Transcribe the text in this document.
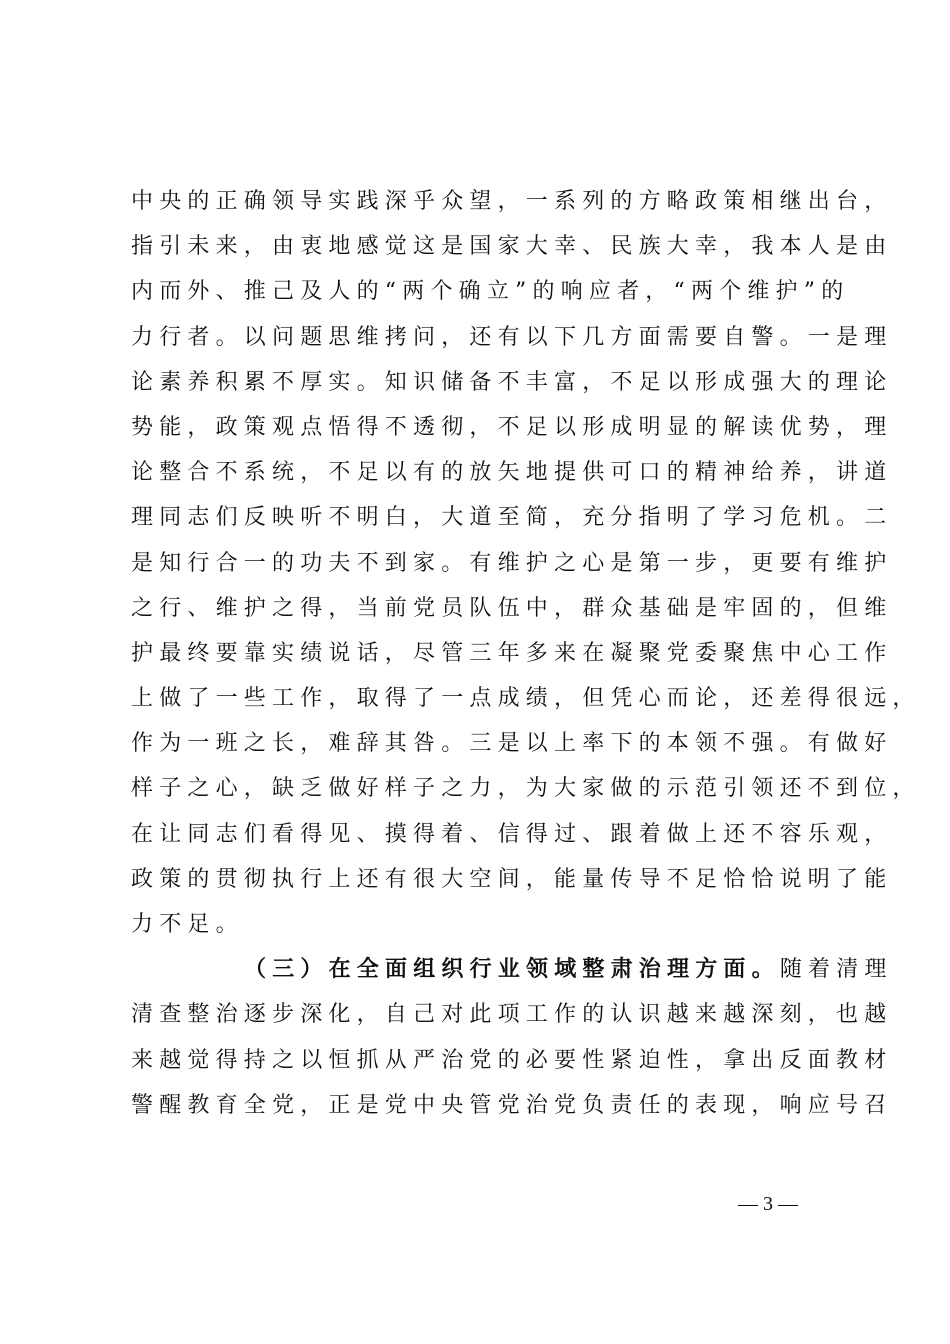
中央的正确领导实践深乎众望，一系列的方略政策相继出台，
指引未来，由衷地感觉这是国家大幸、民族大幸，我本人是由
内而外、推己及人的“两个确立”的响应者，“两个维护”的
力行者。以问题思维拷问，还有以下几方面需要自警。一是理
论素养积累不厚实。知识储备不丰富，不足以形成强大的理论
势能，政策观点悟得不透彻，不足以形成明显的解读优势，理
论整合不系统，不足以有的放矢地提供可口的精神给养，讲道
理同志们反映听不明白，大道至简，充分指明了学习危机。二
是知行合一的功夫不到家。有维护之心是第一步，更要有维护
之行、维护之得，当前党员队伍中，群众基础是牢固的，但维
护最终要靠实绩说话，尽管三年多来在凝聚党委聚焦中心工作
上做了一些工作，取得了一点成绩，但凭心而论，还差得很远，
作为一班之长，难辞其咎。三是以上率下的本领不强。有做好
样子之心，缺乏做好样子之力，为大家做的示范引领还不到位，
在让同志们看得见、摸得着、信得过、跟着做上还不容乐观，
政策的贯彻执行上还有很大空间，能量传导不足恰恰说明了能
力不足。
（三）在全面组织行业领域整肃治理方面。随着清理
清查整治逐步深化，自己对此项工作的认识越来越深刻，也越
来越觉得持之以恒抓从严治党的必要性紧迫性，拿出反面教材
警醒教育全党，正是党中央管党治党负责任的表现，响应号召
— 3 —
